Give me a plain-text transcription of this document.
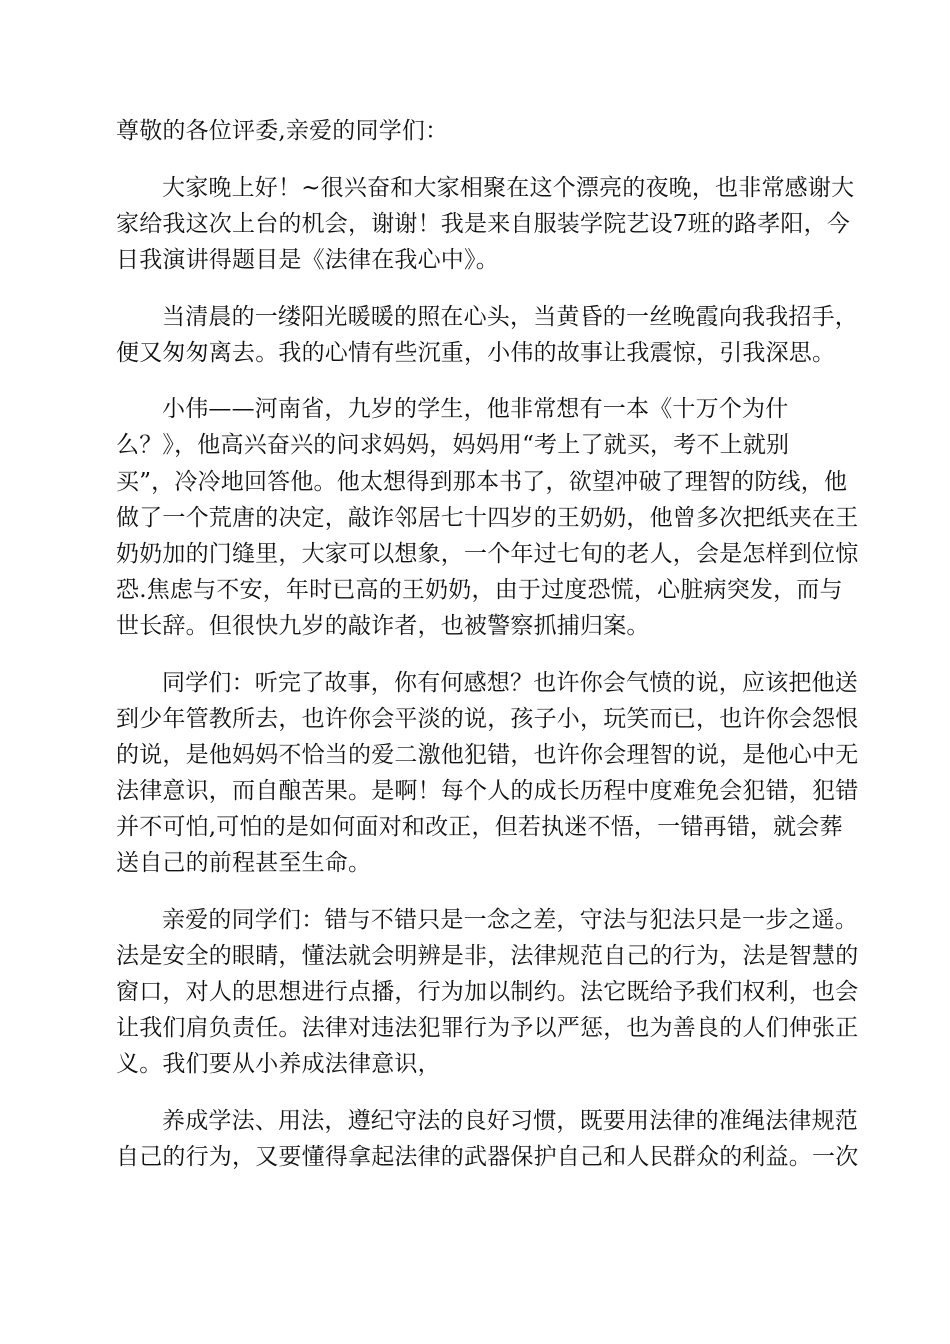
尊敬的各位评委,亲爱的同学们：
大家晚上好！~很兴奋和大家相聚在这个漂亮的夜晚，也非常感谢大
家给我这次上台的机会，谢谢！我是来自服装学院艺设7班的路孝阳，今
日我演讲得题目是《法律在我心中》。
当清晨的一缕阳光暖暖的照在心头，当黄昏的一丝晚霞向我我招手，
便又匆匆离去。我的心情有些沉重，小伟的故事让我震惊，引我深思。
小伟——河南省，九岁的学生，他非常想有一本《十万个为什
么？》，他高兴奋兴的问求妈妈，妈妈用“考上了就买，考不上就别
买”，冷冷地回答他。他太想得到那本书了，欲望冲破了理智的防线，他
做了一个荒唐的决定，敲诈邻居七十四岁的王奶奶，他曾多次把纸夹在王
奶奶加的门缝里，大家可以想象，一个年过七旬的老人，会是怎样到位惊
恐.焦虑与不安，年时已高的王奶奶，由于过度恐慌，心脏病突发，而与
世长辞。但很快九岁的敲诈者，也被警察抓捕归案。
同学们：听完了故事，你有何感想？也许你会气愤的说，应该把他送
到少年管教所去，也许你会平淡的说，孩子小，玩笑而已，也许你会怨恨
的说，是他妈妈不恰当的爱二激他犯错，也许你会理智的说，是他心中无
法律意识，而自酿苦果。是啊！每个人的成长历程中度难免会犯错，犯错
并不可怕,可怕的是如何面对和改正，但若执迷不悟，一错再错，就会葬
送自己的前程甚至生命。
亲爱的同学们：错与不错只是一念之差，守法与犯法只是一步之遥。
法是安全的眼睛，懂法就会明辨是非，法律规范自己的行为，法是智慧的
窗口，对人的思想进行点播，行为加以制约。法它既给予我们权利，也会
让我们肩负责任。法律对违法犯罪行为予以严惩，也为善良的人们伸张正
义。我们要从小养成法律意识，
养成学法、用法，遵纪守法的良好习惯，既要用法律的准绳法律规范
自己的行为，又要懂得拿起法律的武器保护自己和人民群众的利益。一次
